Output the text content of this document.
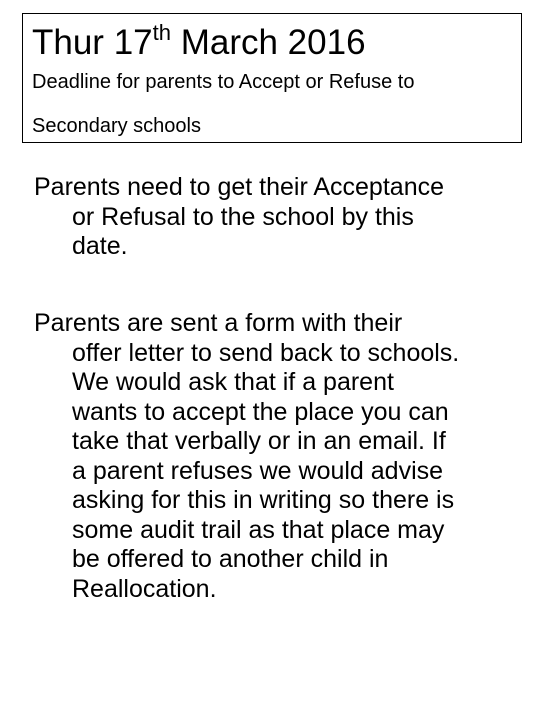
Thur 17th March 2016
Deadline for parents to Accept or Refuse to
Secondary schools
Parents need to get their Acceptance
or Refusal to the school by this
date.
Parents are sent a form with their
offer letter to send back to schools.
We would ask that if a parent
wants to accept the place you can
take that verbally or in an email. If
a parent refuses we would advise
asking for this in writing so there is
some audit trail as that place may
be offered to another child in
Reallocation.
